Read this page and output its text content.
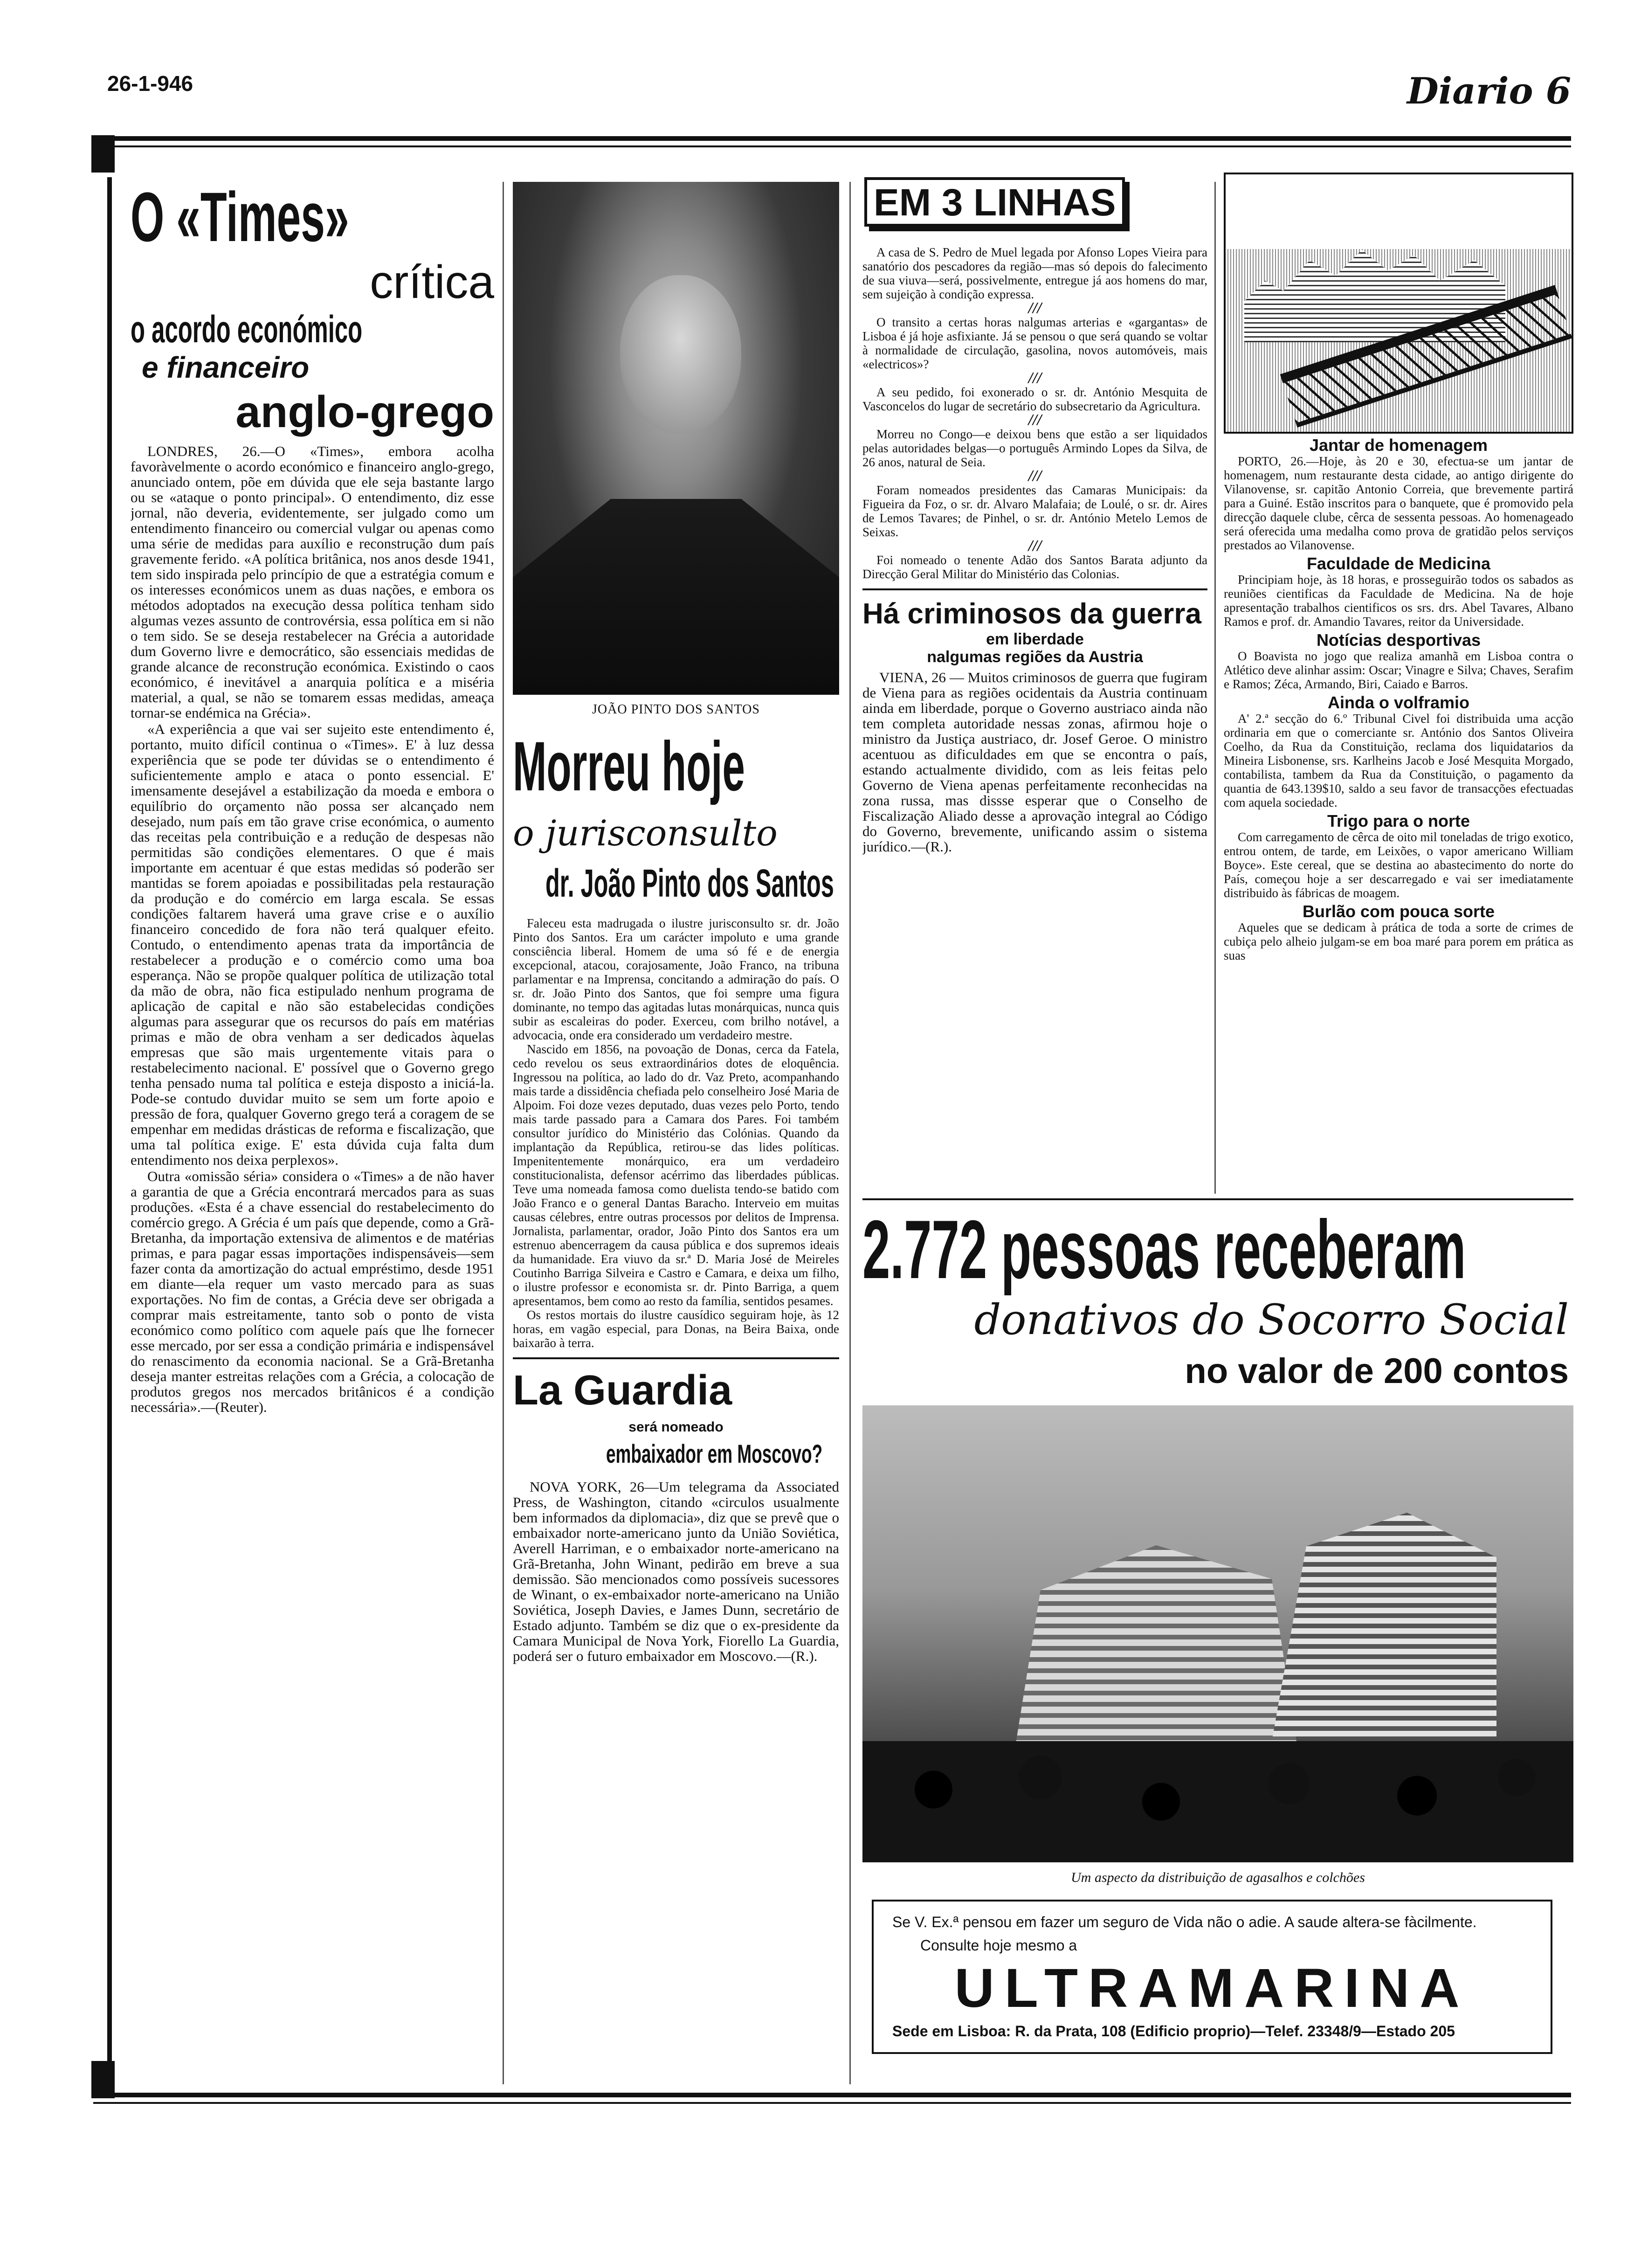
26-1-946	Diario 6
O «Times»
crítica
o acordo económico
e financeiro
anglo-grego

LONDRES, 26.—O «Times», embora acolha favoràvelmente o acordo económico e financeiro anglo-grego, anunciado ontem, põe em dúvida que ele seja bastante largo ou se «ataque o ponto principal». O entendimento, diz esse jornal, não deveria, evidentemente, ser julgado como um entendimento financeiro ou comercial vulgar ou apenas como uma série de medidas para auxílio e reconstrução dum país gravemente ferido. «A política britânica, nos anos desde 1941, tem sido inspirada pelo princípio de que a estratégia comum e os interesses económicos unem as duas nações, e embora os métodos adoptados na execução dessa política tenham sido algumas vezes assunto de controvérsia, essa política em si não o tem sido. Se se deseja restabelecer na Grécia a autoridade dum Governo livre e democrático, são essenciais medidas de grande alcance de reconstrução económica. Existindo o caos económico, é inevitável a anarquia política e a miséria material, a qual, se não se tomarem essas medidas, ameaça tornar-se endémica na Grécia».

«A experiência a que vai ser sujeito este entendimento é, portanto, muito difícil continua o «Times». E' à luz dessa experiência que se pode ter dúvidas se o entendimento é suficientemente amplo e ataca o ponto essencial. E' imensamente desejável a estabilização da moeda e embora o equilíbrio do orçamento não possa ser alcançado nem desejado, num país em tão grave crise económica, o aumento das receitas pela contribuição e a redução de despesas não permitidas são condições elementares. O que é mais importante em acentuar é que estas medidas só poderão ser mantidas se forem apoiadas e possibilitadas pela restauração da produção e do comércio em larga escala. Se essas condições faltarem haverá uma grave crise e o auxílio financeiro concedido de fora não terá qualquer efeito. Contudo, o entendimento apenas trata da importância de restabelecer a produção e o comércio como uma boa esperança. Não se propõe qualquer política de utilização total da mão de obra, não fica estipulado nenhum programa de aplicação de capital e não são estabelecidas condições algumas para assegurar que os recursos do país em matérias primas e mão de obra venham a ser dedicados àquelas empresas que são mais urgentemente vitais para o restabelecimento nacional. E' possível que o Governo grego tenha pensado numa tal política e esteja disposto a iniciá-la. Pode-se contudo duvidar muito se sem um forte apoio e pressão de fora, qualquer Governo grego terá a coragem de se empenhar em medidas drásticas de reforma e fiscalização, que uma tal política exige. E' esta dúvida cuja falta dum entendimento nos deixa perplexos».

Outra «omissão séria» considera o «Times» a de não haver a garantia de que a Grécia encontrará mercados para as suas produções. «Esta é a chave essencial do restabelecimento do comércio grego. A Grécia é um país que depende, como a Grã-Bretanha, da importação extensiva de alimentos e de matérias primas, e para pagar essas importações indispensáveis—sem fazer conta da amortização do actual empréstimo, desde 1951 em diante—ela requer um vasto mercado para as suas exportações. No fim de contas, a Grécia deve ser obrigada a comprar mais estreitamente, tanto sob o ponto de vista económico como político com aquele país que lhe fornecer esse mercado, por ser essa a condição primária e indispensável do renascimento da economia nacional. Se a Grã-Bretanha deseja manter estreitas relações com a Grécia, a colocação de produtos gregos nos mercados britânicos é a condição necessária».—(Reuter).

JOÃO PINTO DOS SANTOS
Morreu hoje
o jurisconsulto
dr. João Pinto dos Santos

Faleceu esta madrugada o ilustre jurisconsulto sr. dr. João Pinto dos Santos. Era um carácter impoluto e uma grande consciência liberal. Homem de uma só fé e de energia excepcional, atacou, corajosamente, João Franco, na tribuna parlamentar e na Imprensa, concitando a admiração do país. O sr. dr. João Pinto dos Santos, que foi sempre uma figura dominante, no tempo das agitadas lutas monárquicas, nunca quis subir as escaleiras do poder. Exerceu, com brilho notável, a advocacia, onde era considerado um verdadeiro mestre.

Nascido em 1856, na povoação de Donas, cerca da Fatela, cedo revelou os seus extraordinários dotes de eloquência. Ingressou na política, ao lado do dr. Vaz Preto, acompanhando mais tarde a dissidência chefiada pelo conselheiro José Maria de Alpoim. Foi doze vezes deputado, duas vezes pelo Porto, tendo mais tarde passado para a Camara dos Pares. Foi também consultor jurídico do Ministério das Colónias. Quando da implantação da República, retirou-se das lides políticas. Impenitentemente monárquico, era um verdadeiro constitucionalista, defensor acérrimo das liberdades públicas. Teve uma nomeada famosa como duelista tendo-se batido com João Franco e o general Dantas Baracho. Interveio em muitas causas célebres, entre outras processos por delitos de Imprensa. Jornalista, parlamentar, orador, João Pinto dos Santos era um estrenuo abencerragem da causa pública e dos supremos ideais da humanidade. Era viuvo da sr.ª D. Maria José de Meireles Coutinho Barriga Silveira e Castro e Camara, e deixa um filho, o ilustre professor e economista sr. dr. Pinto Barriga, a quem apresentamos, bem como ao resto da família, sentidos pesames.

Os restos mortais do ilustre causídico seguiram hoje, às 12 horas, em vagão especial, para Donas, na Beira Baixa, onde baixarão à terra.

La Guardia
será nomeado
embaixador em Moscovo?

NOVA YORK, 26—Um telegrama da Associated Press, de Washington, citando «circulos usualmente bem informados da diplomacia», diz que se prevê que o embaixador norte-americano junto da União Soviética, Averell Harriman, e o embaixador norte-americano na Grã-Bretanha, John Winant, pedirão em breve a sua demissão. São mencionados como possíveis sucessores de Winant, o ex-embaixador norte-americano na União Soviética, Joseph Davies, e James Dunn, secretário de Estado adjunto. Também se diz que o ex-presidente da Camara Municipal de Nova York, Fiorello La Guardia, poderá ser o futuro embaixador em Moscovo.—(R.).

EM 3 LINHAS

A casa de S. Pedro de Muel legada por Afonso Lopes Vieira para sanatório dos pescadores da região—mas só depois do falecimento de sua viuva—será, possivelmente, entregue já aos homens do mar, sem sujeição à condição expressa.

///

O transito a certas horas nalgumas arterias e «gargantas» de Lisboa é já hoje asfixiante. Já se pensou o que será quando se voltar à normalidade de circulação, gasolina, novos automóveis, mais «electricos»?

///

A seu pedido, foi exonerado o sr. dr. António Mesquita de Vasconcelos do lugar de secretário do subsecretario da Agricultura.

///

Morreu no Congo—e deixou bens que estão a ser liquidados pelas autoridades belgas—o português Armindo Lopes da Silva, de 26 anos, natural de Seia.

///

Foram nomeados presidentes das Camaras Municipais: da Figueira da Foz, o sr. dr. Alvaro Malafaia; de Loulé, o sr. dr. Aires de Lemos Tavares; de Pinhel, o sr. dr. António Metelo Lemos de Seixas.

///

Foi nomeado o tenente Adão dos Santos Barata adjunto da Direcção Geral Militar do Ministério das Colonias.

Há criminosos da guerra
em liberdade
nalgumas regiões da Austria

VIENA, 26 — Muitos criminosos de guerra que fugiram de Viena para as regiões ocidentais da Austria continuam ainda em liberdade, porque o Governo austriaco ainda não tem completa autoridade nessas zonas, afirmou hoje o ministro da Justiça austriaco, dr. Josef Geroe. O ministro acentuou as dificuldades em que se encontra o país, estando actualmente dividido, com as leis feitas pelo Governo de Viena apenas perfeitamente reconhecidas na zona russa, mas dissse esperar que o Conselho de Fiscalização Aliado desse a aprovação integral ao Código do Governo, brevemente, unificando assim o sistema jurídico.—(R.).

Jantar de homenagem

PORTO, 26.—Hoje, às 20 e 30, efectua-se um jantar de homenagem, num restaurante desta cidade, ao antigo dirigente do Vilanovense, sr. capitão Antonio Correia, que brevemente partirá para a Guiné. Estão inscritos para o banquete, que é promovido pela direcção daquele clube, cêrca de sessenta pessoas. Ao homenageado será oferecida uma medalha como prova de gratidão pelos serviços prestados ao Vilanovense.

Faculdade de Medicina

Principiam hoje, às 18 horas, e prosseguirão todos os sabados as reuniões cientificas da Faculdade de Medicina. Na de hoje apresentação trabalhos cientificos os srs. drs. Abel Tavares, Albano Ramos e prof. dr. Amandio Tavares, reitor da Universidade.

Notícias desportivas

O Boavista no jogo que realiza amanhã em Lisboa contra o Atlético deve alinhar assim: Oscar; Vinagre e Silva; Chaves, Serafim e Ramos; Zéca, Armando, Biri, Caiado e Barros.

Ainda o volframio

A' 2.ª secção do 6.º Tribunal Civel foi distribuida uma acção ordinaria em que o comerciante sr. António dos Santos Oliveira Coelho, da Rua da Constituição, reclama dos liquidatarios da Mineira Lisbonense, srs. Karlheins Jacob e José Mesquita Morgado, contabilista, tambem da Rua da Constituição, o pagamento da quantia de 643.139$10, saldo a seu favor de transacções efectuadas com aquela sociedade.

Trigo para o norte

Com carregamento de cêrca de oito mil toneladas de trigo exotico, entrou ontem, de tarde, em Leixões, o vapor americano William Boyce». Este cereal, que se destina ao abastecimento do norte do País, começou hoje a ser descarregado e vai ser imediatamente distribuido às fábricas de moagem.

Burlão com pouca sorte

Aqueles que se dedicam à prática de toda a sorte de crimes de cubiça pelo alheio julgam-se em boa maré para porem em prática as suas

2.772 pessoas receberam
donativos do Socorro Social
no valor de 200 contos
Um aspecto da distribuição de agasalhos e colchões
Se V. Ex.ª pensou em fazer um seguro de Vida não o adie. A saude altera-se fàcilmente.
Consulte hoje mesmo a
ULTRAMARINA
Sede em Lisboa: R. da Prata, 108 (Edificio proprio)—Telef. 23348/9—Estado 205
